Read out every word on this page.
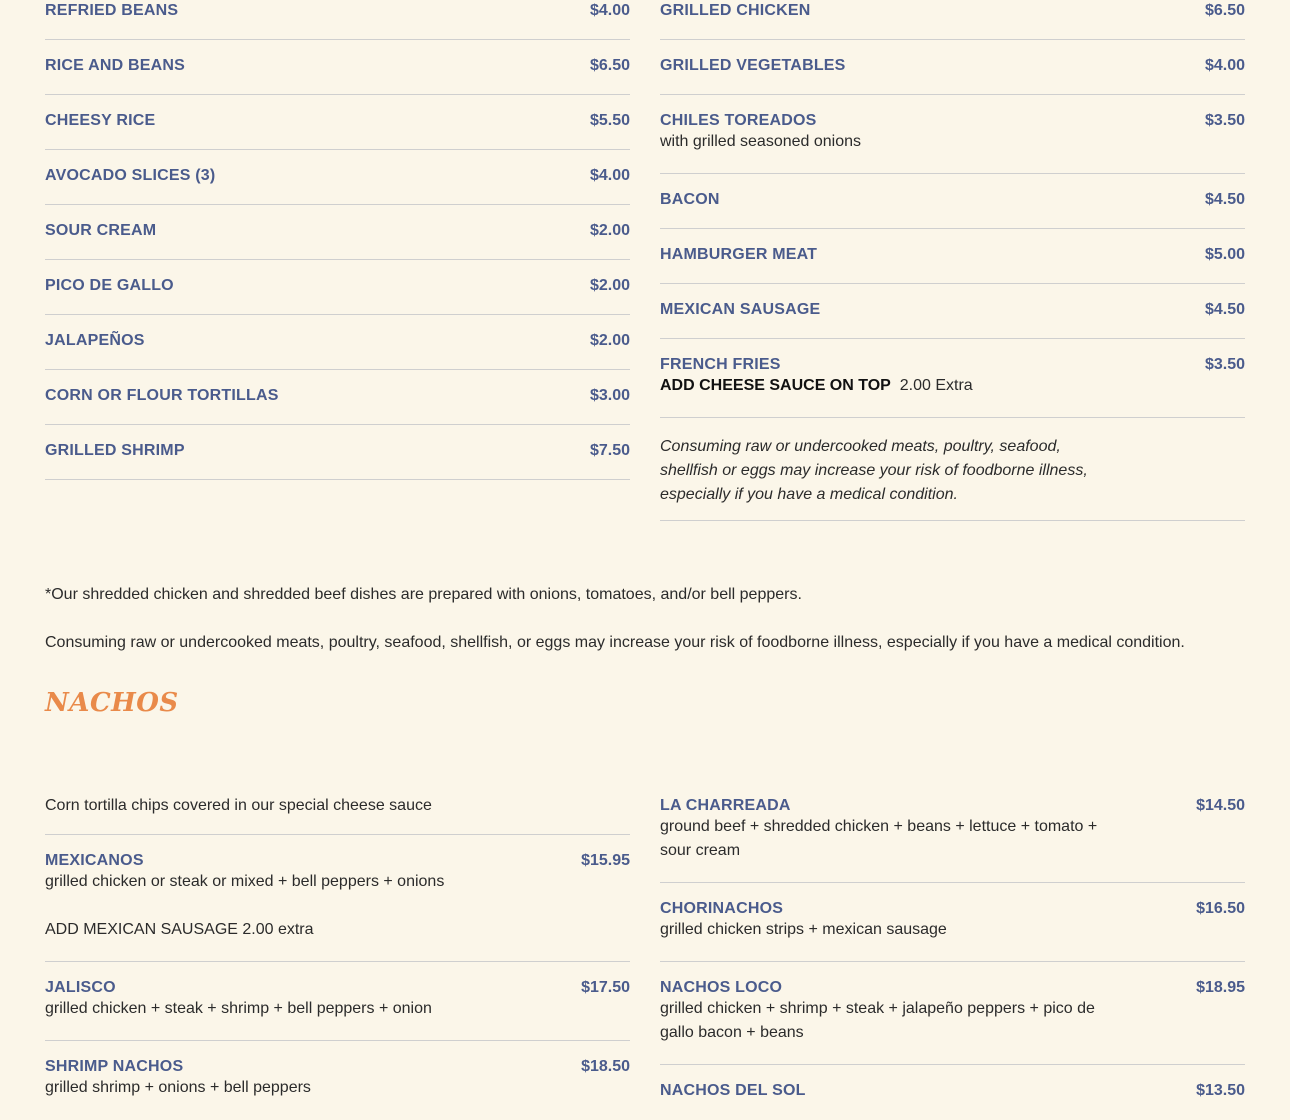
REFRIED BEANS	$4.00
RICE AND BEANS	$6.50
CHEESY RICE	$5.50
AVOCADO SLICES (3)	$4.00
SOUR CREAM	$2.00
PICO DE GALLO	$2.00
JALAPEÑOS	$2.00
CORN OR FLOUR TORTILLAS	$3.00
GRILLED SHRIMP	$7.50
GRILLED CHICKEN	$6.50
GRILLED VEGETABLES	$4.00
CHILES TOREADOS	$3.50
with grilled seasoned onions
BACON	$4.50
HAMBURGER MEAT	$5.00
MEXICAN SAUSAGE	$4.50
FRENCH FRIES	$3.50
ADD CHEESE SAUCE ON TOP 2.00 Extra
Consuming raw or undercooked meats, poultry, seafood, shellfish or eggs may increase your risk of foodborne illness, especially if you have a medical condition.
*Our shredded chicken and shredded beef dishes are prepared with onions, tomatoes, and/or bell peppers.
Consuming raw or undercooked meats, poultry, seafood, shellfish, or eggs may increase your risk of foodborne illness, especially if you have a medical condition.
NACHOS
Corn tortilla chips covered in our special cheese sauce
MEXICANOS	$15.95
grilled chicken or steak or mixed + bell peppers + onions
ADD MEXICAN SAUSAGE 2.00 extra
JALISCO	$17.50
grilled chicken + steak + shrimp + bell peppers + onion
SHRIMP NACHOS	$18.50
grilled shrimp + onions + bell peppers
LA CHARREADA	$14.50
ground beef + shredded chicken + beans + lettuce + tomato + sour cream
CHORINACHOS	$16.50
grilled chicken strips + mexican sausage
NACHOS LOCO	$18.95
grilled chicken + shrimp + steak + jalapeño peppers + pico de gallo bacon + beans
NACHOS DEL SOL	$13.50
